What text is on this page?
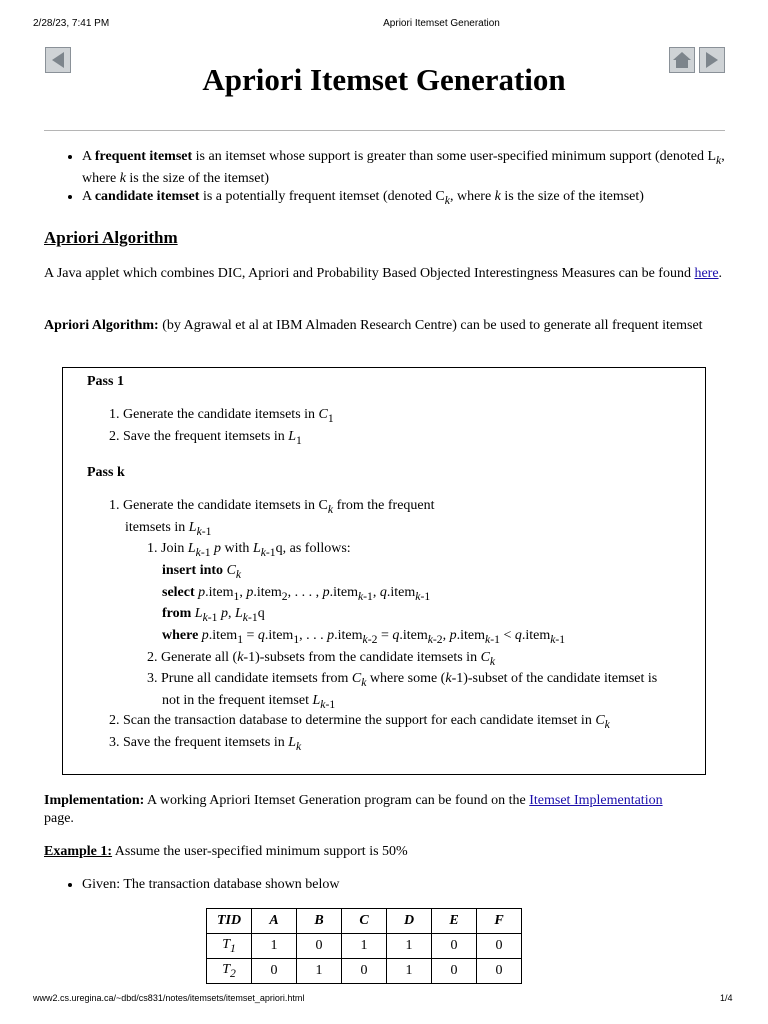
2/28/23, 7:41 PM	Apriori Itemset Generation
Apriori Itemset Generation
• A frequent itemset is an itemset whose support is greater than some user-specified minimum support (denoted $L_k$, where k is the size of the itemset)
• A candidate itemset is a potentially frequent itemset (denoted $C_k$, where k is the size of the itemset)
Apriori Algorithm
A Java applet which combines DIC, Apriori and Probability Based Objected Interestingness Measures can be found here.
Apriori Algorithm: (by Agrawal et al at IBM Almaden Research Centre) can be used to generate all frequent itemset
Pass 1
1. Generate the candidate itemsets in $C_1$
2. Save the frequent itemsets in $L_1$
Pass k
1. Generate the candidate itemsets in $C_k$ from the frequent
itemsets in $L_{k-1}$
1. Join $L_{k-1}$ p with $L_{k-1}q$, as follows:
insert into $C_k$
select p.item$_1$, p.item$_2$, . . . , p.item$_{k-1}$, q.item$_{k-1}$
from $L_{k-1}$ p, $L_{k-1}q$
where p.item$_1$ = q.item$_1$, . . . p.item$_{k-2}$ = q.item$_{k-2}$, p.item$_{k-1}$ < q.item$_{k-1}$
2. Generate all (k-1)-subsets from the candidate itemsets in $C_k$
3. Prune all candidate itemsets from $C_k$ where some (k-1)-subset of the candidate itemset is
not in the frequent itemset $L_{k-1}$
2. Scan the transaction database to determine the support for each candidate itemset in $C_k$
3. Save the frequent itemsets in $L_k$
Implementation: A working Apriori Itemset Generation program can be found on the Itemset Implementation
page.
Example 1: Assume the user-specified minimum support is 50%
• Given: The transaction database shown below
TID	A	B	C	D	E	F
$T_1$	1	0	1	1	0	0
$T_2$	0	1	0	1	0	0
www2.cs.uregina.ca/~dbd/cs831/notes/itemsets/itemset_apriori.html	1/4
